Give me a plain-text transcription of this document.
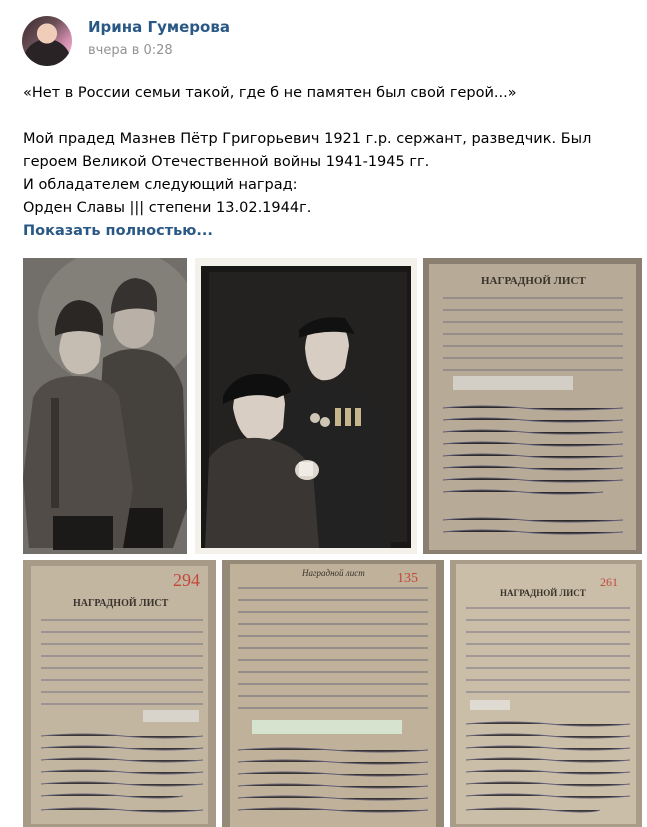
Ирина Гумерова
вчера в 0:28

«Нет в России семьи такой, где б не памятен был свой герой...»

Мой прадед Мазнев Пётр Григорьевич 1921 г.р. сержант, разведчик. Был

героем Великой Отечественной войны 1941-1945 гг.

И обладателем следующий наград:

Орден Славы ||| степени 13.02.1944г.

Показать полностью...
НАГРАДНОЙ ЛИСТ
294
НАГРАДНОЙ ЛИСТ
135
Наградной лист
261
НАГРАДНОЙ ЛИСТ
